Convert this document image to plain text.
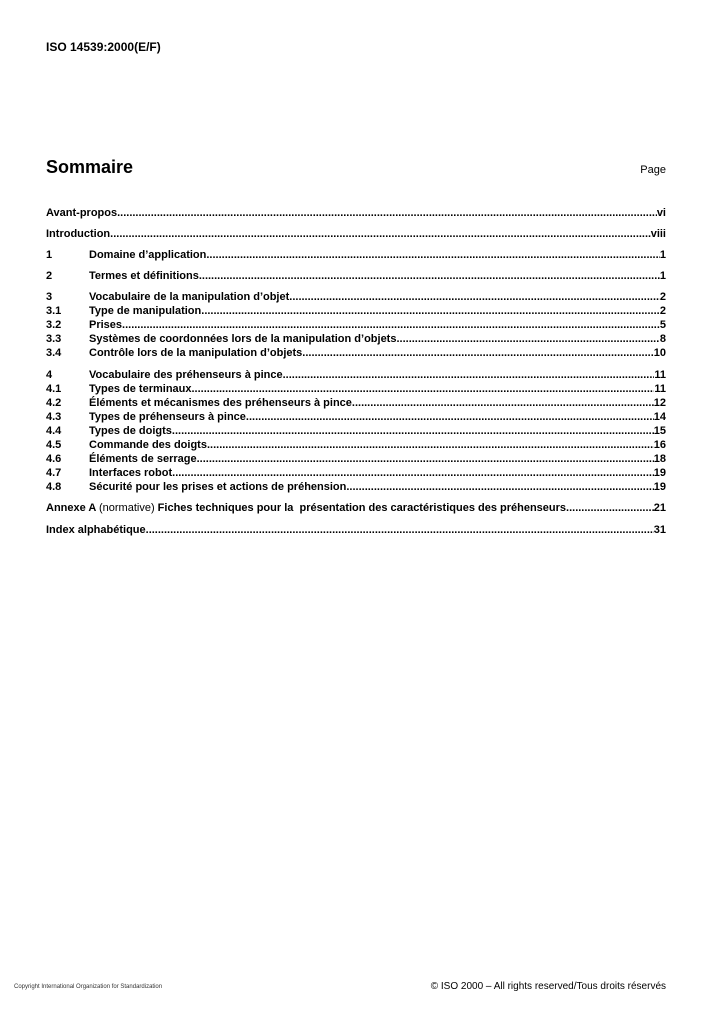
ISO 14539:2000(E/F)
Sommaire	Page
Avant-propos .....	vi
Introduction .....	viii
1	Domaine d’application .....	1
2	Termes et définitions .....	1
3	Vocabulaire de la manipulation d’objet .....	2
3.1	Type de manipulation .....	2
3.2	Prises .....	5
3.3	Systèmes de coordonnées lors de la manipulation d’objets .....	8
3.4	Contrôle lors de la manipulation d’objets .....	10
4	Vocabulaire des préhenseurs à pince .....	11
4.1	Types de terminaux .....	11
4.2	Éléments et mécanismes des préhenseurs à pince .....	12
4.3	Types de préhenseurs à pince .....	14
4.4	Types de doigts .....	15
4.5	Commande des doigts .....	16
4.6	Éléments de serrage .....	18
4.7	Interfaces robot .....	19
4.8	Sécurité pour les prises et actions de préhension .....	19
Annexe A (normative) Fiches techniques pour la  présentation des caractéristiques des préhenseurs .....	21
Index alphabétique .....	31
Copyright International Organization for Standardization	© ISO 2000 – All rights reserved/Tous droits réservés
